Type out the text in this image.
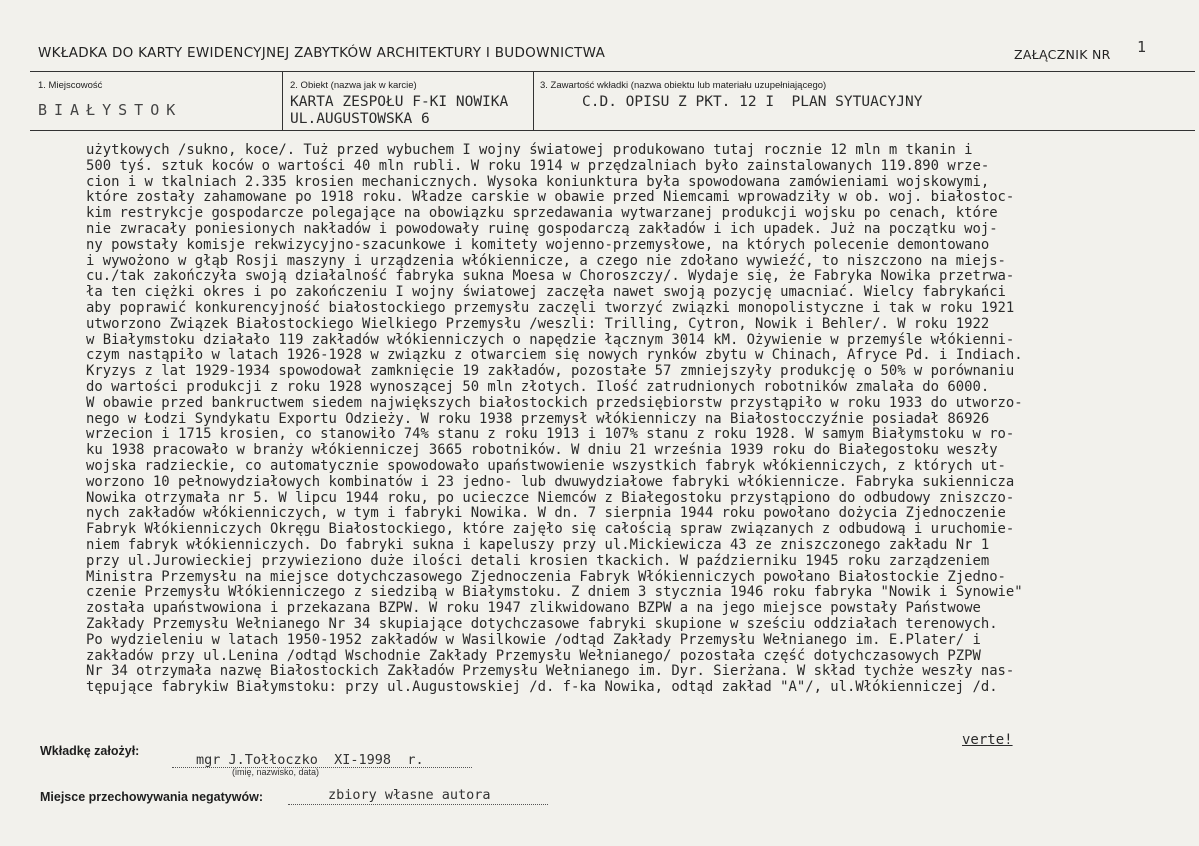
WKŁADKA DO KARTY EWIDENCYJNEJ ZABYTKÓW ARCHITEKTURY I BUDOWNICTWA	ZAŁĄCZNIK NR 1
1. Miejscowość
BIAŁYSTOK
2. Obiekt (nazwa jak w karcie)
KARTA ZESPOŁU F-KI NOWIKA
UL.AUGUSTOWSKA 6
3. Zawartość wkładki (nazwa obiektu lub materiału uzupełniającego)
C.D. OPISU Z PKT. 12 I  PLAN SYTUACYJNY
użytkowych /sukno, koce/. Tuż przed wybuchem I wojny światowej produkowano tutaj rocznie 12 mln m tkanin i
500 tyś. sztuk koców o wartości 40 mln rubli. W roku 1914 w przędzalniach było zainstalowanych 119.890 wrze-
cion i w tkalniach 2.335 krosien mechanicznych. Wysoka koniunktura była spowodowana zamówieniami wojskowymi,
które zostały zahamowane po 1918 roku. Władze carskie w obawie przed Niemcami wprowadziły w ob. woj. białostoc-
kim restrykcje gospodarcze polegające na obowiązku sprzedawania wytwarzanej produkcji wojsku po cenach, które
nie zwracały poniesionych nakładów i powodowały ruinę gospodarczą zakładów i ich upadek. Już na początku woj-
ny powstały komisje rekwizycyjno-szacunkowe i komitety wojenno-przemysłowe, na których polecenie demontowano
i wywożono w głąb Rosji maszyny i urządzenia włókiennicze, a czego nie zdołano wywieźć, to niszczono na miejs-
cu./tak zakończyła swoją działalność fabryka sukna Moesa w Choroszczy/. Wydaje się, że Fabryka Nowika przetrwa-
ła ten ciężki okres i po zakończeniu I wojny światowej zaczęła nawet swoją pozycję umacniać. Wielcy fabrykańci
aby poprawić konkurencyjność białostockiego przemysłu zaczęli tworzyć związki monopolistyczne i tak w roku 1921
utworzono Związek Białostockiego Wielkiego Przemysłu /weszli: Trilling, Cytron, Nowik i Behler/. W roku 1922
w Białymstoku działało 119 zakładów włókienniczych o napędzie łącznym 3014 kM. Ożywienie w przemyśle włókienni-
czym nastąpiło w latach 1926-1928 w związku z otwarciem się nowych rynków zbytu w Chinach, Afryce Pd. i Indiach.
Kryzys z lat 1929-1934 spowodował zamknięcie 19 zakładów, pozostałe 57 zmniejszyły produkcję o 50% w porównaniu
do wartości produkcji z roku 1928 wynoszącej 50 mln złotych. Ilość zatrudnionych robotników zmalała do 6000.
W obawie przed bankructwem siedem największych białostockich przedsiębiorstw przystąpiło w roku 1933 do utworzo-
nego w Łodzi Syndykatu Exportu Odzieży. W roku 1938 przemysł włókienniczy na Białostocczyźnie posiadał 86926
wrzecion i 1715 krosien, co stanowiło 74% stanu z roku 1913 i 107% stanu z roku 1928. W samym Białymstoku w ro-
ku 1938 pracowało w branży włókienniczej 3665 robotników. W dniu 21 września 1939 roku do Białegostoku weszły
wojska radzieckie, co automatycznie spowodowało upaństwowienie wszystkich fabryk włókienniczych, z których ut-
worzono 10 pełnowydziałowych kombinatów i 23 jedno- lub dwuwydziałowe fabryki włókiennicze. Fabryka sukiennicza
Nowika otrzymała nr 5. W lipcu 1944 roku, po ucieczce Niemców z Białegostoku przystąpiono do odbudowy zniszczo-
nych zakładów włókienniczych, w tym i fabryki Nowika. W dn. 7 sierpnia 1944 roku powołano dożycia Zjednoczenie
Fabryk Włókienniczych Okręgu Białostockiego, które zajęło się całością spraw związanych z odbudową i uruchomie-
niem fabryk włókienniczych. Do fabryki sukna i kapeluszy przy ul.Mickiewicza 43 ze zniszczonego zakładu Nr 1
przy ul.Jurowieckiej przywieziono duże ilości detali krosien tkackich. W październiku 1945 roku zarządzeniem
Ministra Przemysłu na miejsce dotychczasowego Zjednoczenia Fabryk Włókienniczych powołano Białostockie Zjedno-
czenie Przemysłu Włókienniczego z siedzibą w Białymstoku. Z dniem 3 stycznia 1946 roku fabryka "Nowik i Synowie"
została upaństwowiona i przekazana BZPW. W roku 1947 zlikwidowano BZPW a na jego miejsce powstały Państwowe
Zakłady Przemysłu Wełnianego Nr 34 skupiające dotychczasowe fabryki skupione w sześciu oddziałach terenowych.
Po wydzieleniu w latach 1950-1952 zakładów w Wasilkowie /odtąd Zakłady Przemysłu Wełnianego im. E.Plater/ i
zakładów przy ul.Lenina /odtąd Wschodnie Zakłady Przemysłu Wełnianego/ pozostała część dotychczasowych PZPW
Nr 34 otrzymała nazwę Białostockich Zakładów Przemysłu Wełnianego im. Dyr. Sierżana. W skład tychże weszły nas-
tępujące fabrykiw Białymstoku: przy ul.Augustowskiej /d. f-ka Nowika, odtąd zakład "A"/, ul.Włókienniczej /d.
verte!
Wkładkę założył:
mgr J.Tołłoczko  XI-1998  r.
(imię, nazwisko, data)
Miejsce przechowywania negatywów:	zbiory własne autora
